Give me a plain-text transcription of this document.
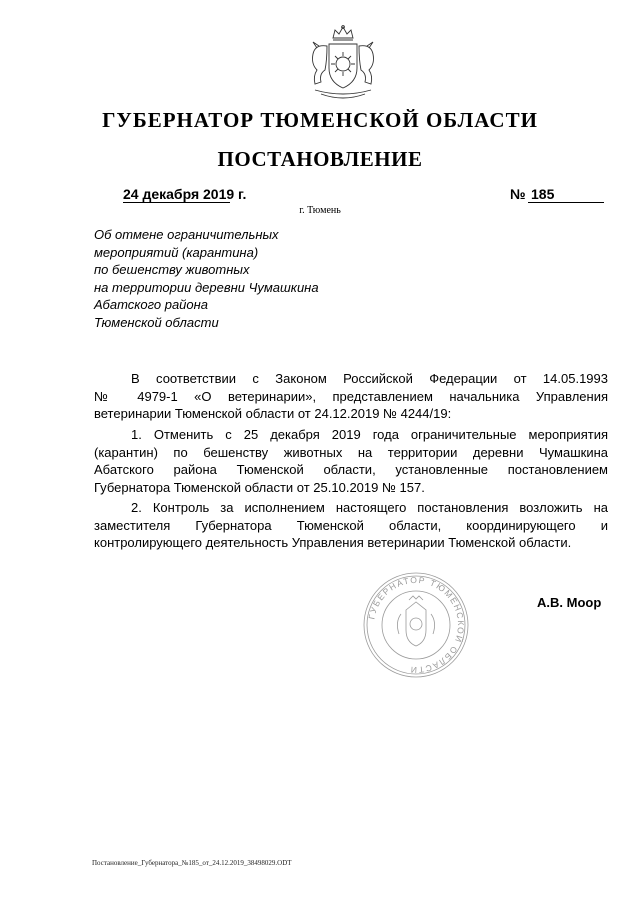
ГУБЕРНАТОР ТЮМЕНСКОЙ ОБЛАСТИ
ПОСТАНОВЛЕНИЕ
24 декабря 2019 г.	№ 185
г. Тюмень
Об отмене ограничительных
мероприятий (карантина)
по бешенству животных
на территории деревни Чумашкина
Абатского района
Тюменской области
В соответствии с Законом Российской Федерации от 14.05.1993
№ 4979-1 «О ветеринарии», представлением начальника Управления
ветеринарии Тюменской области от 24.12.2019 № 4244/19:
1. Отменить с 25 декабря 2019 года ограничительные мероприятия
(карантин) по бешенству животных на территории деревни Чумашкина
Абатского района Тюменской области, установленные постановлением
Губернатора Тюменской области от 25.10.2019 № 157.
2. Контроль за исполнением настоящего постановления возложить на
заместителя Губернатора Тюменской области, координирующего и
контролирующего деятельность Управления ветеринарии Тюменской области.
ГУБЕРНАТОР ТЮМЕНСКОЙ ОБЛАСТИ
А.В. Моор
Постановление_Губернатора_№185_от_24.12.2019_38498029.ODT
